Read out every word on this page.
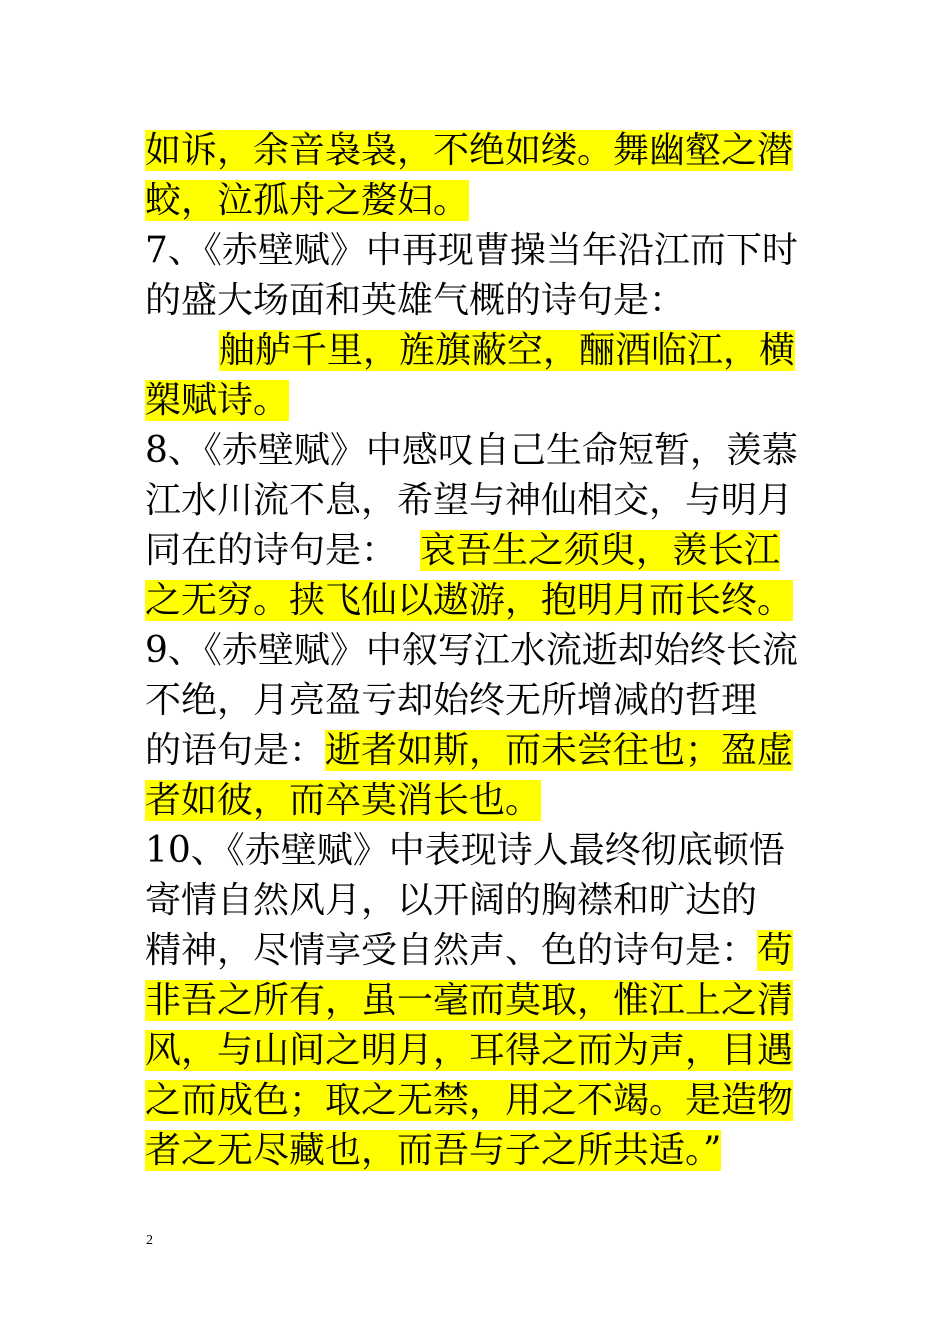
如诉，余音袅袅，不绝如缕。舞幽壑之潜
蛟，泣孤舟之嫠妇。
7、《赤壁赋》中再现曹操当年沿江而下时
的盛大场面和英雄气概的诗句是：
舳舻千里，旌旗蔽空，酾酒临江，横
槊赋诗。
8、《赤壁赋》中感叹自己生命短暂，羡慕
江水川流不息，希望与神仙相交，与明月
同在的诗句是：  哀吾生之须臾，羡长江
之无穷。挟飞仙以遨游，抱明月而长终。
9、《赤壁赋》中叙写江水流逝却始终长流
不绝，月亮盈亏却始终无所增减的哲理
的语句是：逝者如斯，而未尝往也；盈虚
者如彼，而卒莫消长也。
10、《赤壁赋》中表现诗人最终彻底顿悟
寄情自然风月，以开阔的胸襟和旷达的
精神，尽情享受自然声、色的诗句是：苟
非吾之所有，虽一毫而莫取，惟江上之清
风，与山间之明月，耳得之而为声，目遇
之而成色；取之无禁，用之不竭。是造物
者之无尽藏也，而吾与子之所共适。”
2
